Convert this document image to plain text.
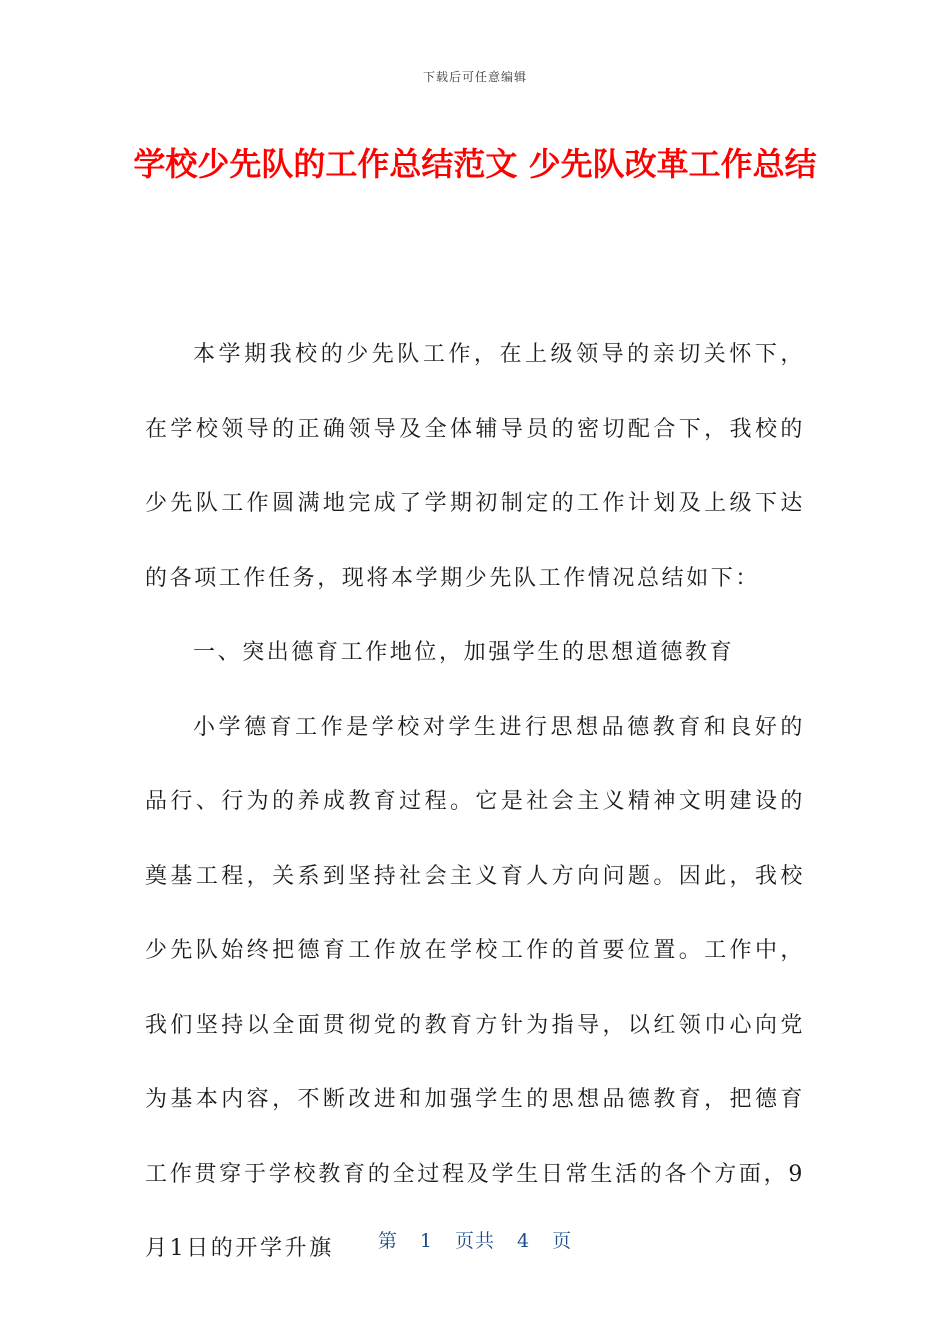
下载后可任意编辑
学校少先队的工作总结范文 少先队改革工作总结

本学期我校的少先队工作，在上级领导的亲切关怀下，在学校领导的正确领导及全体辅导员的密切配合下，我校的少先队工作圆满地完成了学期初制定的工作计划及上级下达的各项工作任务，现将本学期少先队工作情况总结如下：

一、突出德育工作地位，加强学生的思想道德教育

小学德育工作是学校对学生进行思想品德教育和良好的品行、行为的养成教育过程。它是社会主义精神文明建设的奠基工程，关系到坚持社会主义育人方向问题。因此，我校少先队始终把德育工作放在学校工作的首要位置。工作中，我们坚持以全面贯彻党的教育方针为指导，以红领巾心向党为基本内容，不断改进和加强学生的思想品德教育，把德育工作贯穿于学校教育的全过程及学生日常生活的各个方面，9月1日的开学升旗	第 1 页共 4 页
